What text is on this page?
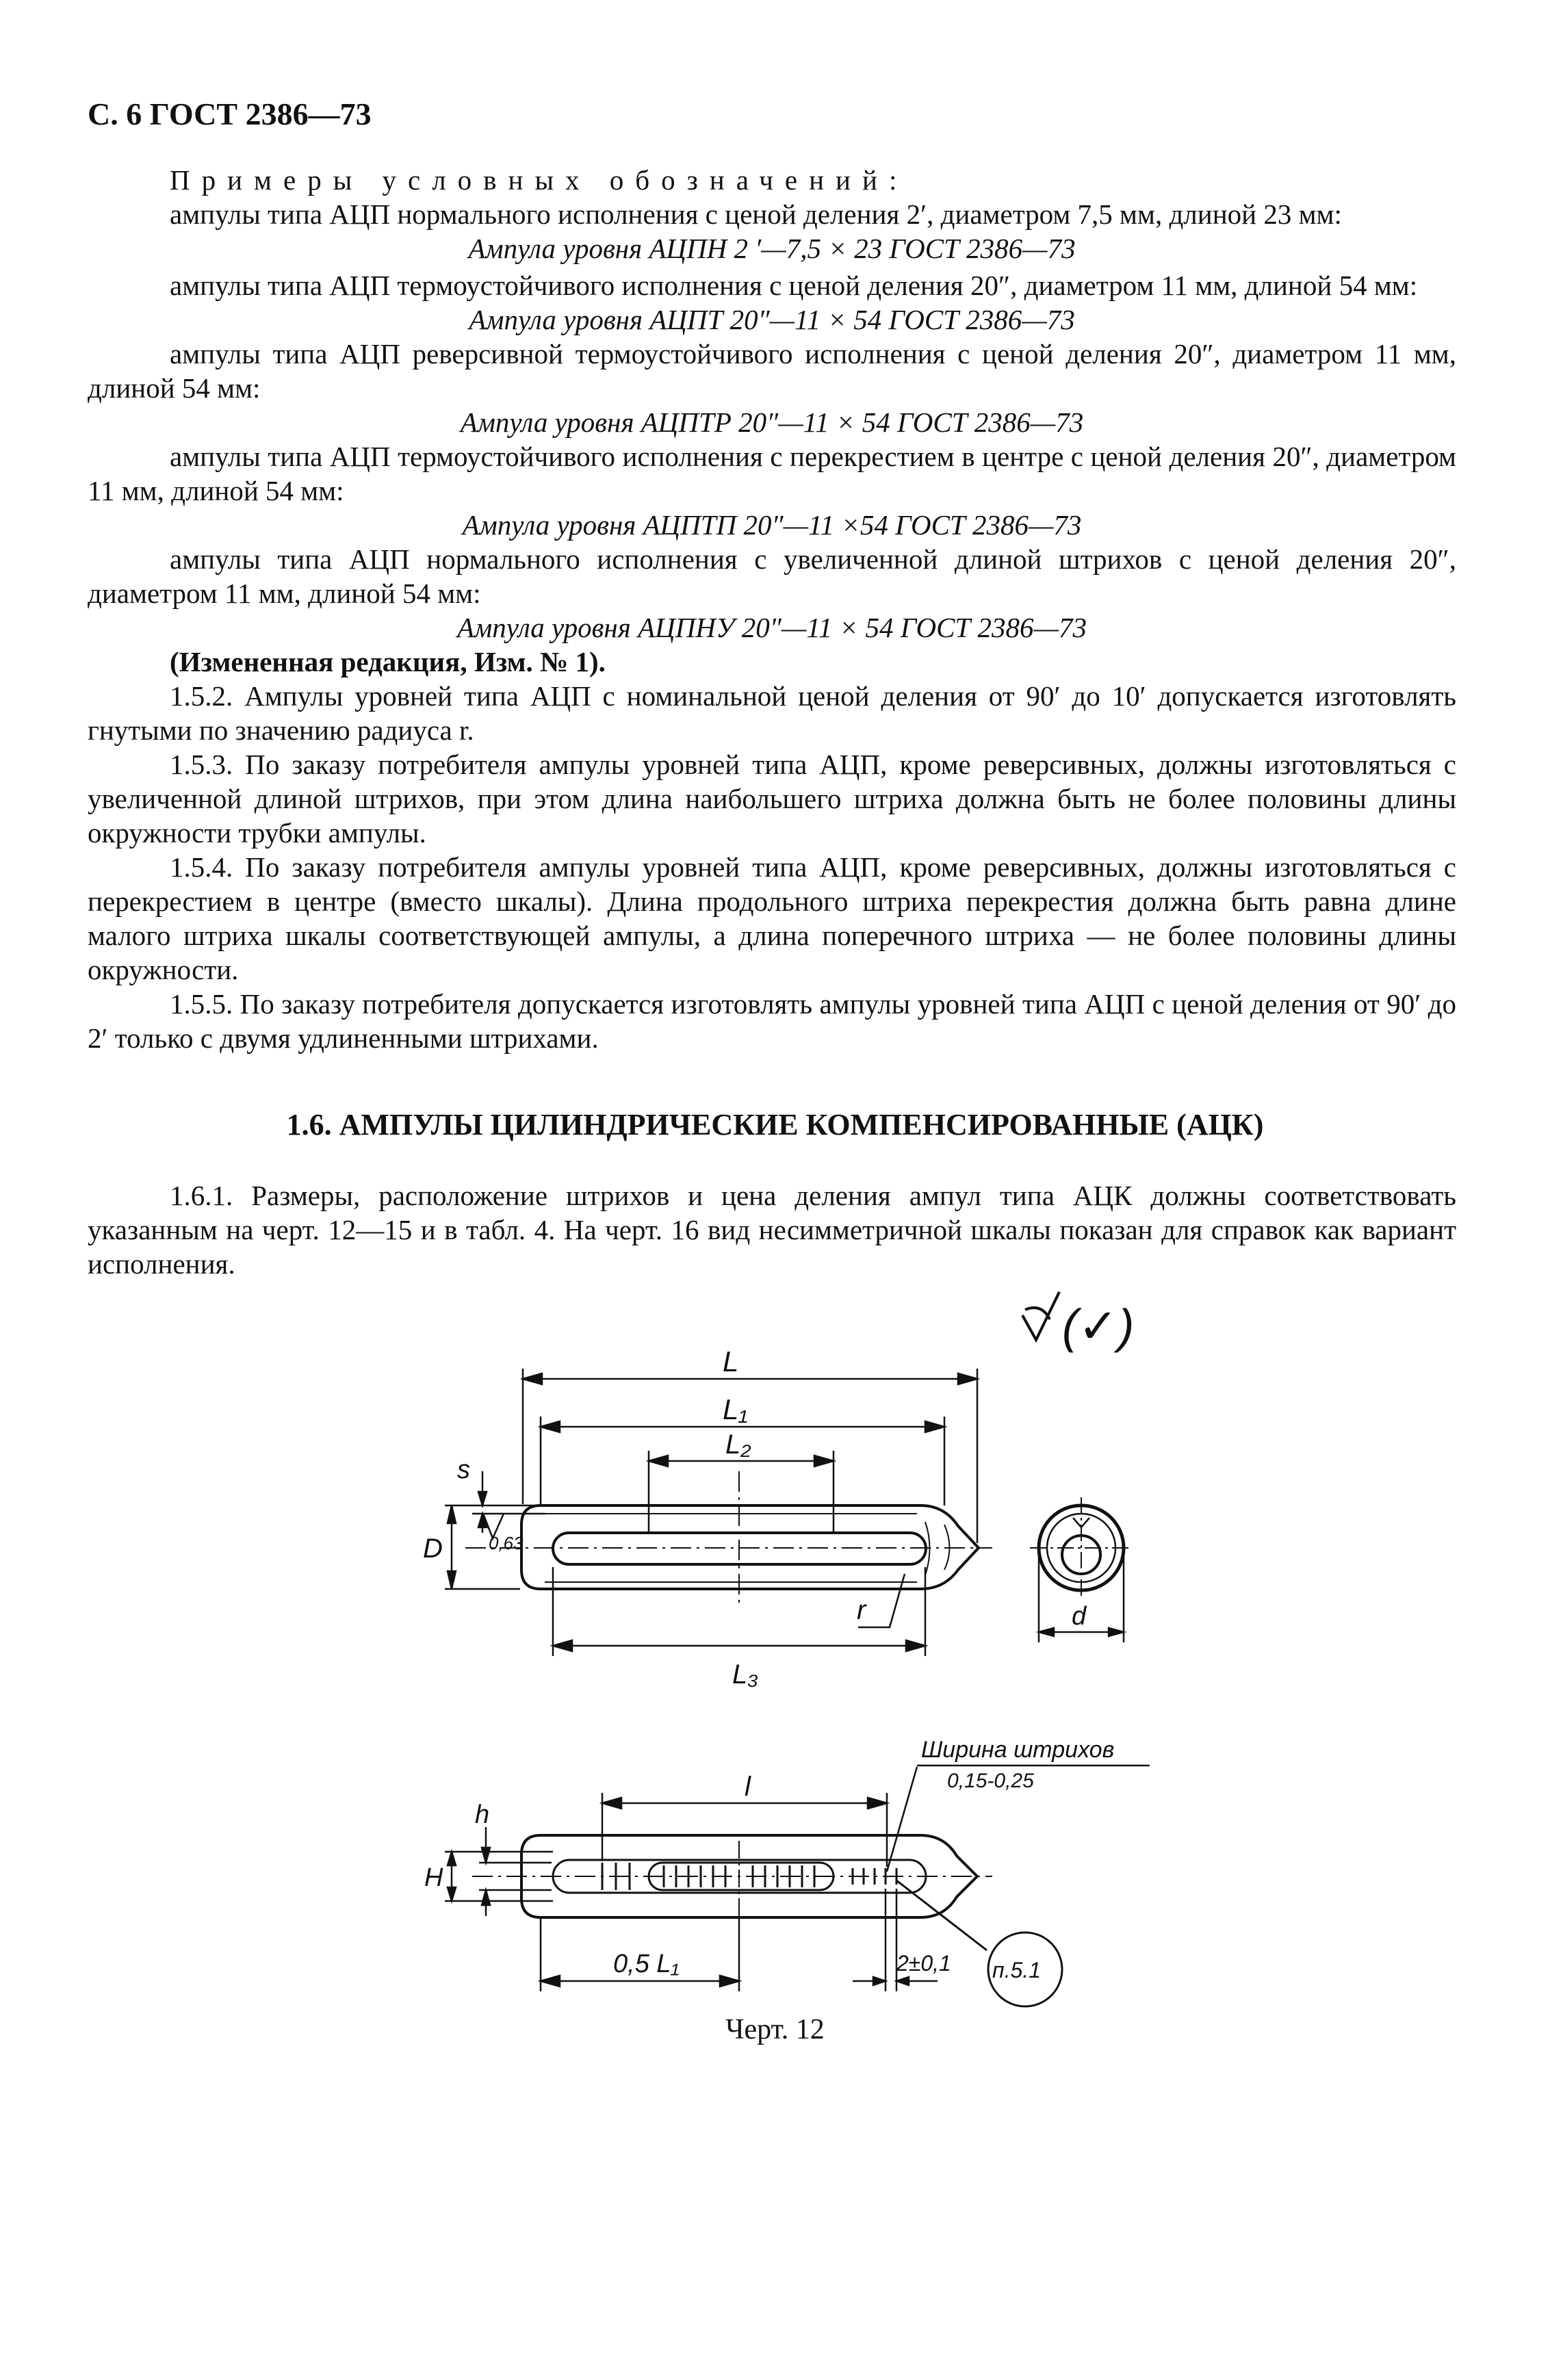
С. 6 ГОСТ 2386—73

Примеры условных обозначений:

ампулы типа АЦП нормального исполнения с ценой деления 2′, диаметром 7,5 мм, длиной 23 мм:

Ампула уровня АЦПН 2 ′—7,5 × 23 ГОСТ 2386—73

ампулы типа АЦП термоустойчивого исполнения с ценой деления 20″, диаметром 11 мм, длиной 54 мм:

Ампула уровня АЦПТ 20″—11 × 54 ГОСТ 2386—73

ампулы типа АЦП реверсивной термоустойчивого исполнения с ценой деления 20″, диаметром 11 мм, длиной 54 мм:

Ампула уровня АЦПТР 20″—11 × 54 ГОСТ 2386—73

ампулы типа АЦП термоустойчивого исполнения с перекрестием в центре с ценой деления 20″, диаметром 11 мм, длиной 54 мм:

Ампула уровня АЦПТП 20″—11 ×54 ГОСТ 2386—73

ампулы типа АЦП нормального исполнения с увеличенной длиной штрихов с ценой деления 20″, диаметром 11 мм, длиной 54 мм:

Ампула уровня АЦПНУ 20″—11 × 54 ГОСТ 2386—73

(Измененная редакция, Изм. № 1).

1.5.2. Ампулы уровней типа АЦП с номинальной ценой деления от 90′ до 10′ допускается изготовлять гнутыми по значению радиуса r.

1.5.3. По заказу потребителя ампулы уровней типа АЦП, кроме реверсивных, должны изготовляться с увеличенной длиной штрихов, при этом длина наибольшего штриха должна быть не более половины длины окружности трубки ампулы.

1.5.4. По заказу потребителя ампулы уровней типа АЦП, кроме реверсивных, должны изготовляться с перекрестием в центре (вместо шкалы). Длина продольного штриха перекрестия должна быть равна длине малого штриха шкалы соответствующей ампулы, а длина поперечного штриха — не более половины длины окружности.

1.5.5. По заказу потребителя допускается изготовлять ампулы уровней типа АЦП с ценой деления от 90′ до 2′ только с двумя удлиненными штрихами.

1.6. АМПУЛЫ ЦИЛИНДРИЧЕСКИЕ КОМПЕНСИРОВАННЫЕ (АЦК)

1.6.1. Размеры, расположение штрихов и цена деления ампул типа АЦК должны соответствовать указанным на черт. 12—15 и в табл. 4. На черт. 16 вид несимметричной шкалы показан для справок как вариант исполнения.

(✓)
L
L₁
L₂
L₃
s
D	0,63
r	d
l
h
H
0,5 L₁	2±0,1
Ширина штрихов
0,15-0,25
п.5.1
Черт. 12
